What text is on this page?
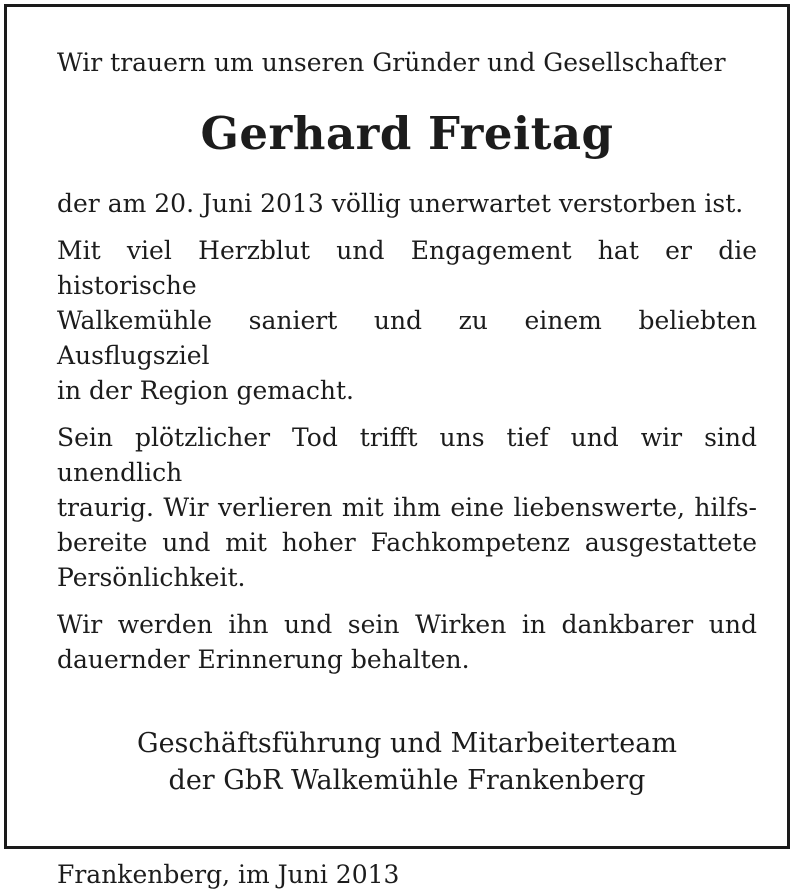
Wir trauern um unseren Gründer und Gesellschafter

Gerhard Freitag

der am 20. Juni 2013 völlig unerwartet verstorben ist.

Mit viel Herzblut und Engagement hat er die historische
Walkemühle saniert und zu einem beliebten Ausflugsziel
in der Region gemacht.

Sein plötzlicher Tod trifft uns tief und wir sind unendlich
traurig. Wir verlieren mit ihm eine liebenswerte, hilfs-
bereite und mit hoher Fachkompetenz ausgestattete
Persönlichkeit.

Wir werden ihn und sein Wirken in dankbarer und
dauernder Erinnerung behalten.

Geschäftsführung und Mitarbeiterteam
der GbR Walkemühle Frankenberg

Frankenberg, im Juni 2013
